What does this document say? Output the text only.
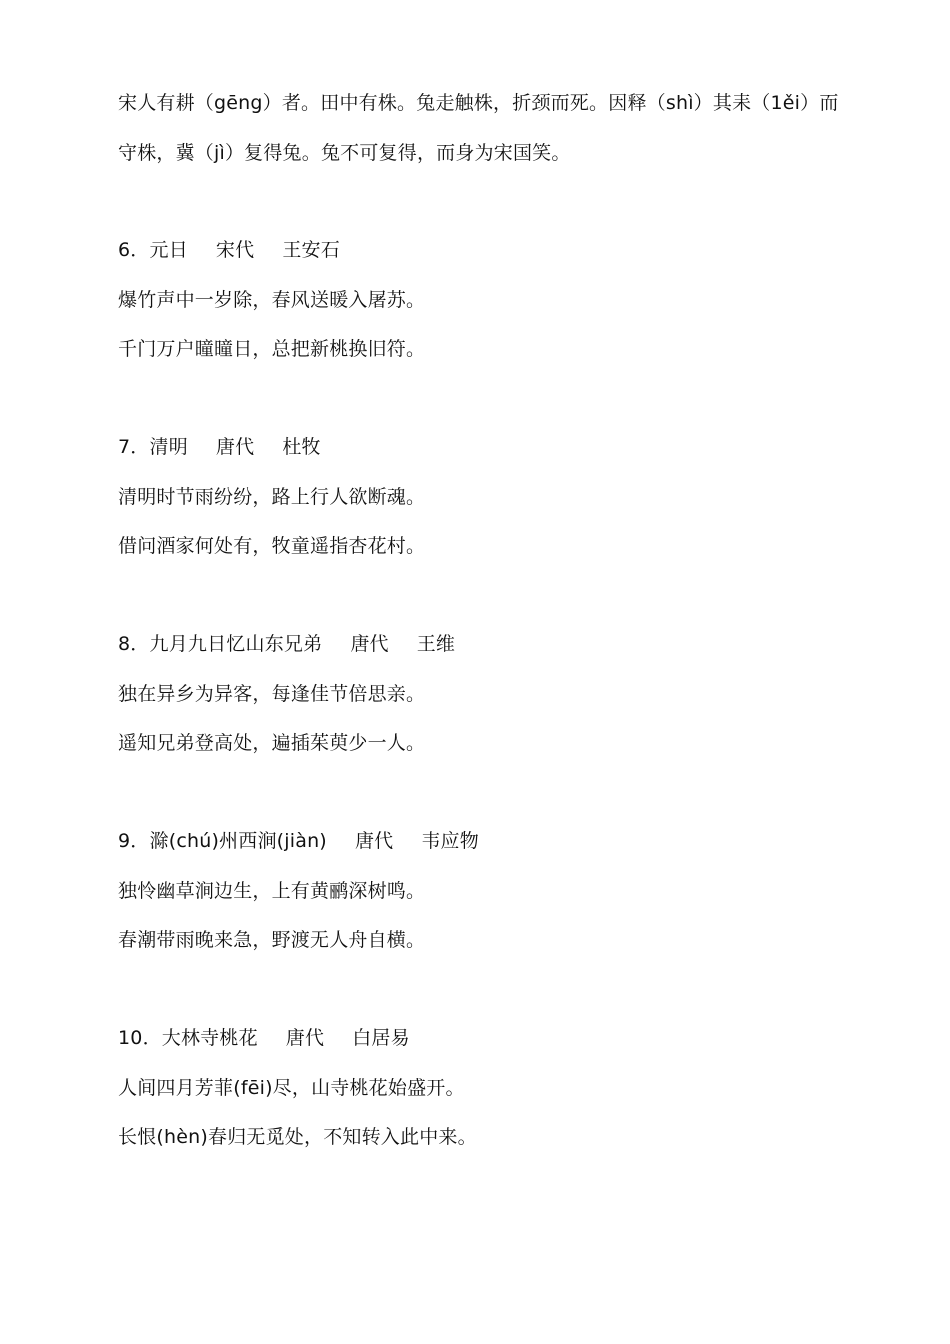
宋人有耕（gēng）者。田中有株。兔走触株，折颈而死。因释（shì）其耒（1ěi）而
守株，冀（jì）复得兔。兔不可复得，而身为宋国笑。
6．元日 宋代 王安石
爆竹声中一岁除，春风送暖入屠苏。
千门万户曈曈日，总把新桃换旧符。
7．清明 唐代 杜牧
清明时节雨纷纷，路上行人欲断魂。
借问酒家何处有，牧童遥指杏花村。
8．九月九日忆山东兄弟 唐代 王维
独在异乡为异客，每逢佳节倍思亲。
遥知兄弟登高处，遍插茱萸少一人。
9．滁(chú)州西涧(jiàn) 唐代 韦应物
独怜幽草涧边生，上有黄鹂深树鸣。
春潮带雨晚来急，野渡无人舟自横。
10．大林寺桃花 唐代 白居易
人间四月芳菲(fēi)尽，山寺桃花始盛开。
长恨(hèn)春归无觅处，不知转入此中来。
